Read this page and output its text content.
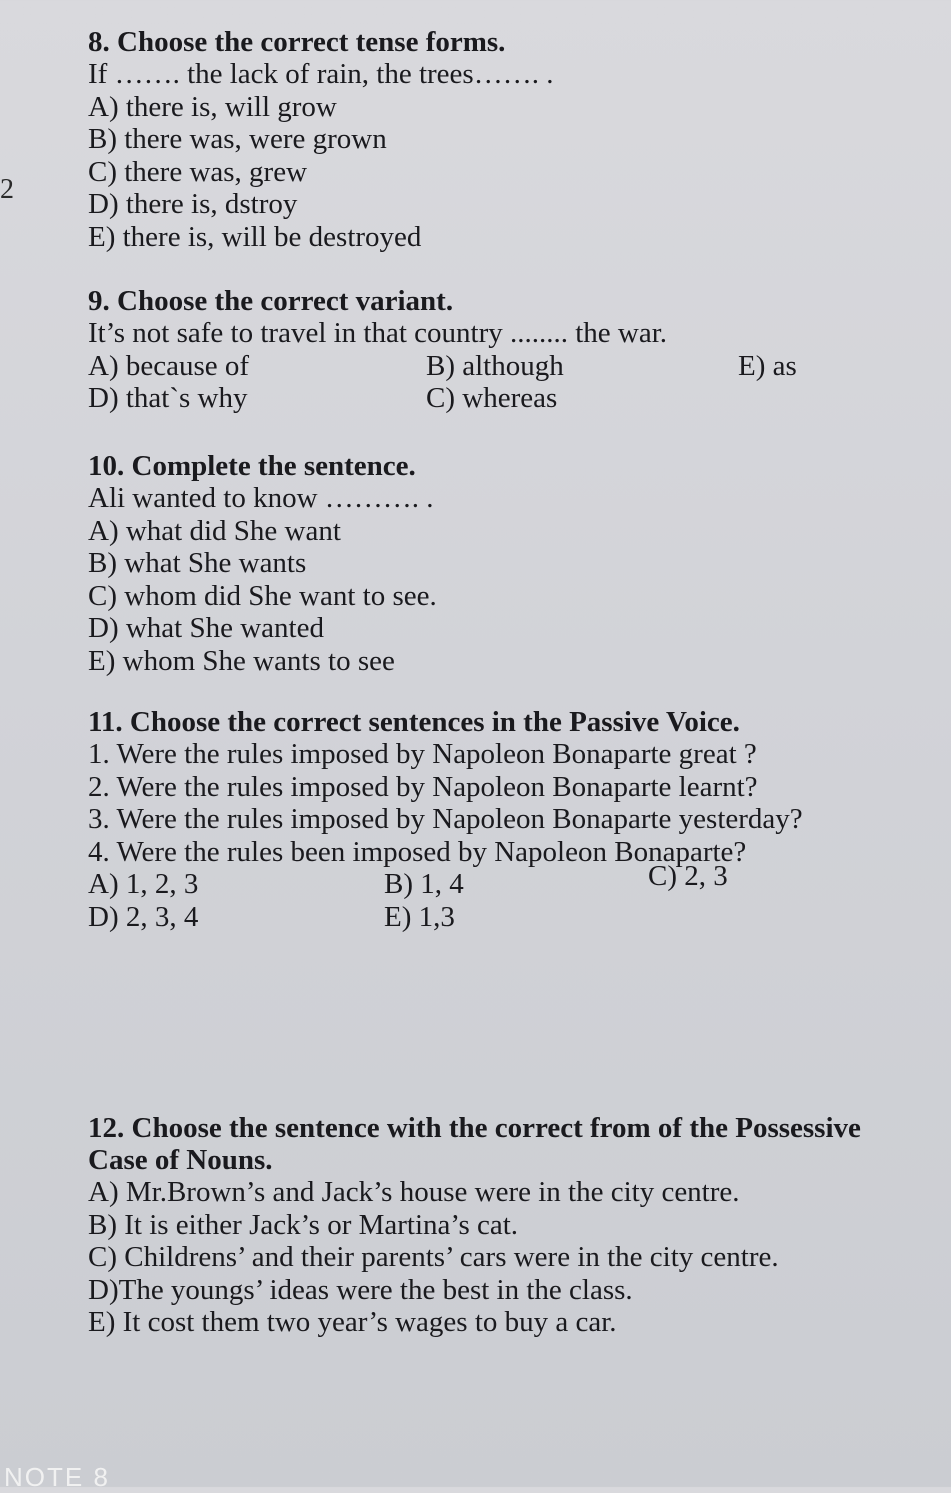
2

8. Choose the correct tense forms.

If ……. the lack of rain, the trees……. .

A) there is, will grow

B) there was, were grown

C) there was, grew

D) there is, dstroy

E) there is, will be destroyed

9. Choose the correct variant.

It’s not safe to travel in that country ........ the war.

A) because of	B) although	E) as
D) that`s why	C) whereas

10. Complete the sentence.

Ali wanted to know ………. .

A) what did She want

B) what She wants

C) whom did She want to see.

D) what She wanted

E) whom She wants to see

11. Choose the correct sentences in the Passive Voice.

1. Were the rules imposed by Napoleon Bonaparte great ?

2. Were the rules imposed by Napoleon Bonaparte learnt?

3. Were the rules imposed by Napoleon Bonaparte yesterday?

4. Were the rules been imposed by Napoleon Bonaparte?

A) 1, 2, 3	B) 1, 4	C) 2, 3
D) 2, 3, 4	E) 1,3

12. Choose the sentence with the correct from of the Possessive Case of Nouns.

A) Mr.Brown’s and Jack’s house were in the city centre.

B) It is either Jack’s or Martina’s cat.

C) Childrens’ and their parents’ cars were in the city centre.

D)The youngs’ ideas were the best in the class.

E) It cost them two year’s wages to buy a car.

NOTE 8
